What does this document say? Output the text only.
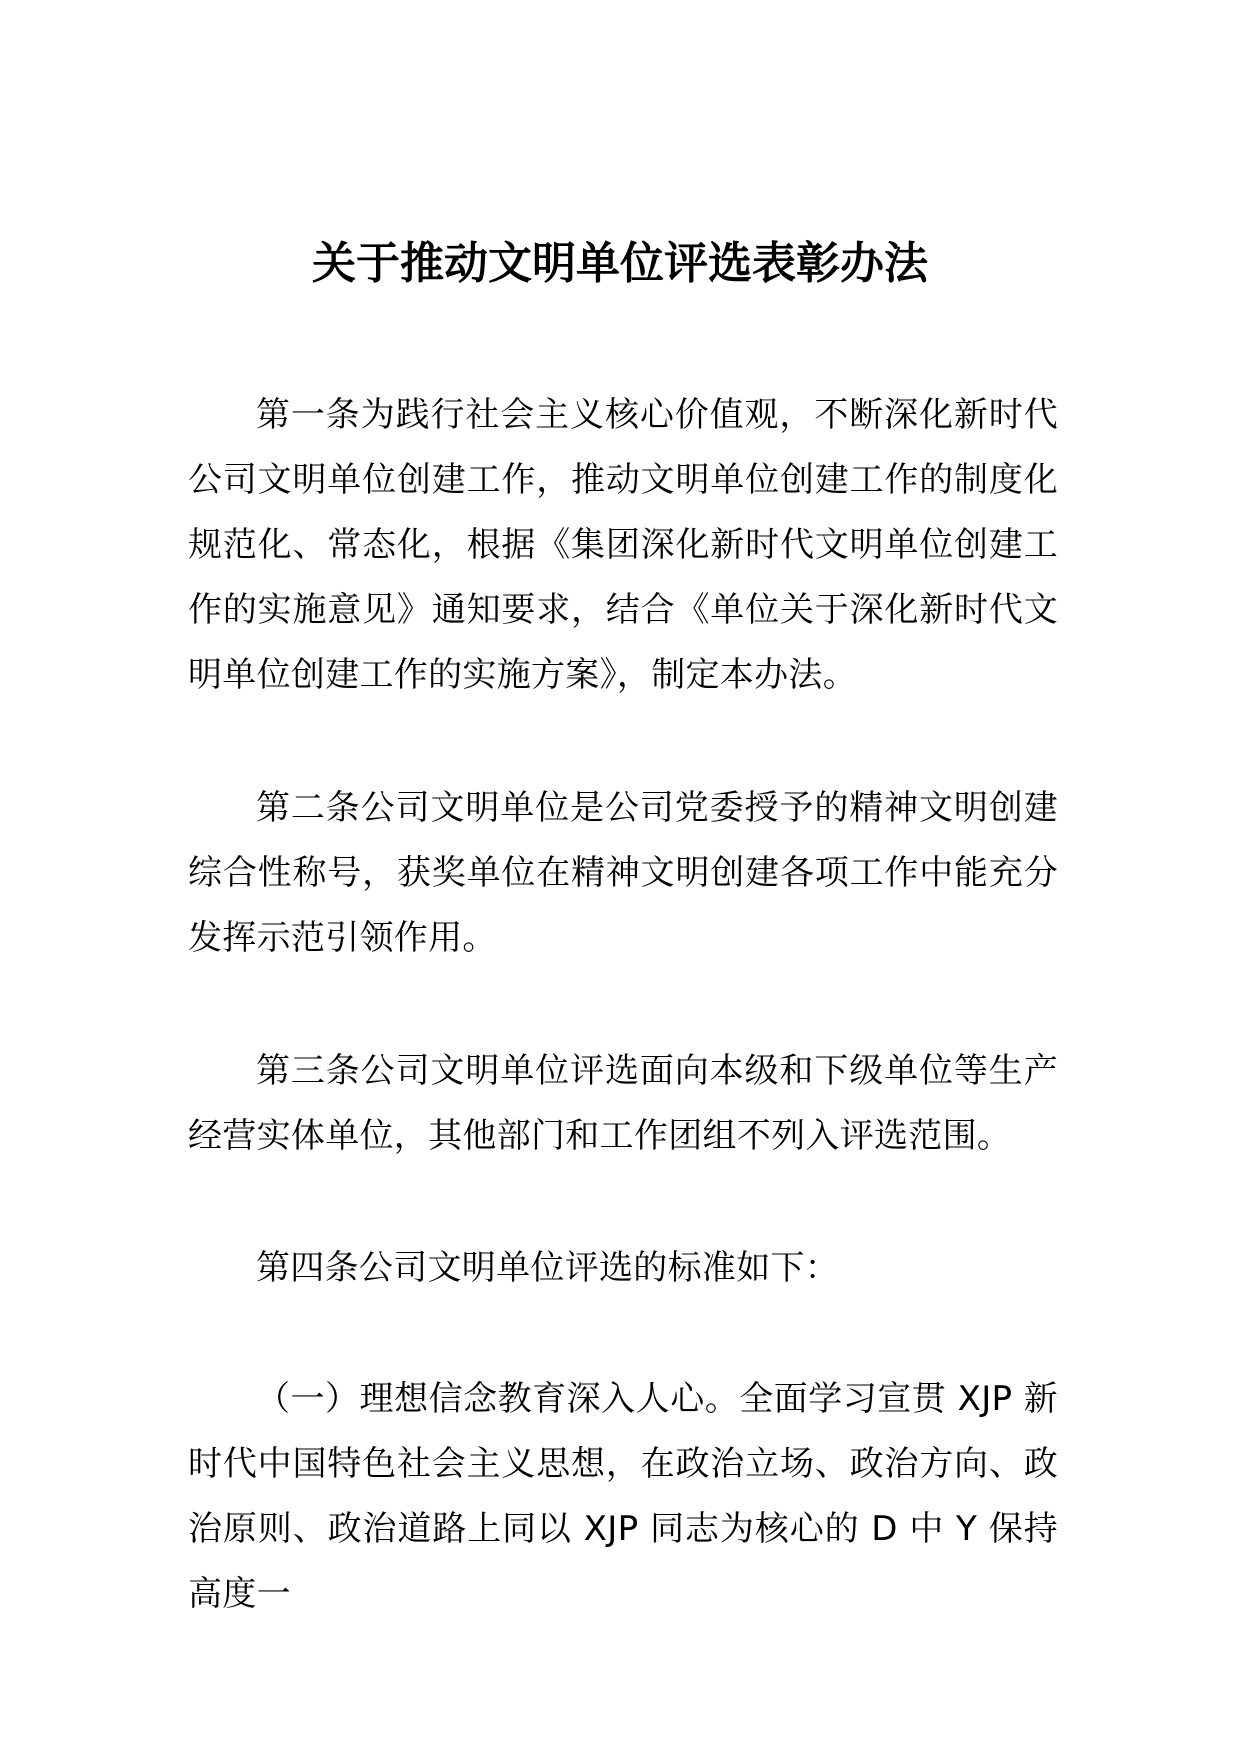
关于推动文明单位评选表彰办法

第一条为践行社会主义核心价值观，不断深化新时代公司文明单位创建工作，推动文明单位创建工作的制度化规范化、常态化，根据《集团深化新时代文明单位创建工作的实施意见》通知要求，结合《单位关于深化新时代文明单位创建工作的实施方案》，制定本办法。

第二条公司文明单位是公司党委授予的精神文明创建综合性称号，获奖单位在精神文明创建各项工作中能充分发挥示范引领作用。

第三条公司文明单位评选面向本级和下级单位等生产经营实体单位，其他部门和工作团组不列入评选范围。

第四条公司文明单位评选的标准如下：

（一）理想信念教育深入人心。全面学习宣贯 XJP 新时代中国特色社会主义思想，在政治立场、政治方向、政治原则、政治道路上同以 XJP 同志为核心的 D 中 Y 保持高度一
